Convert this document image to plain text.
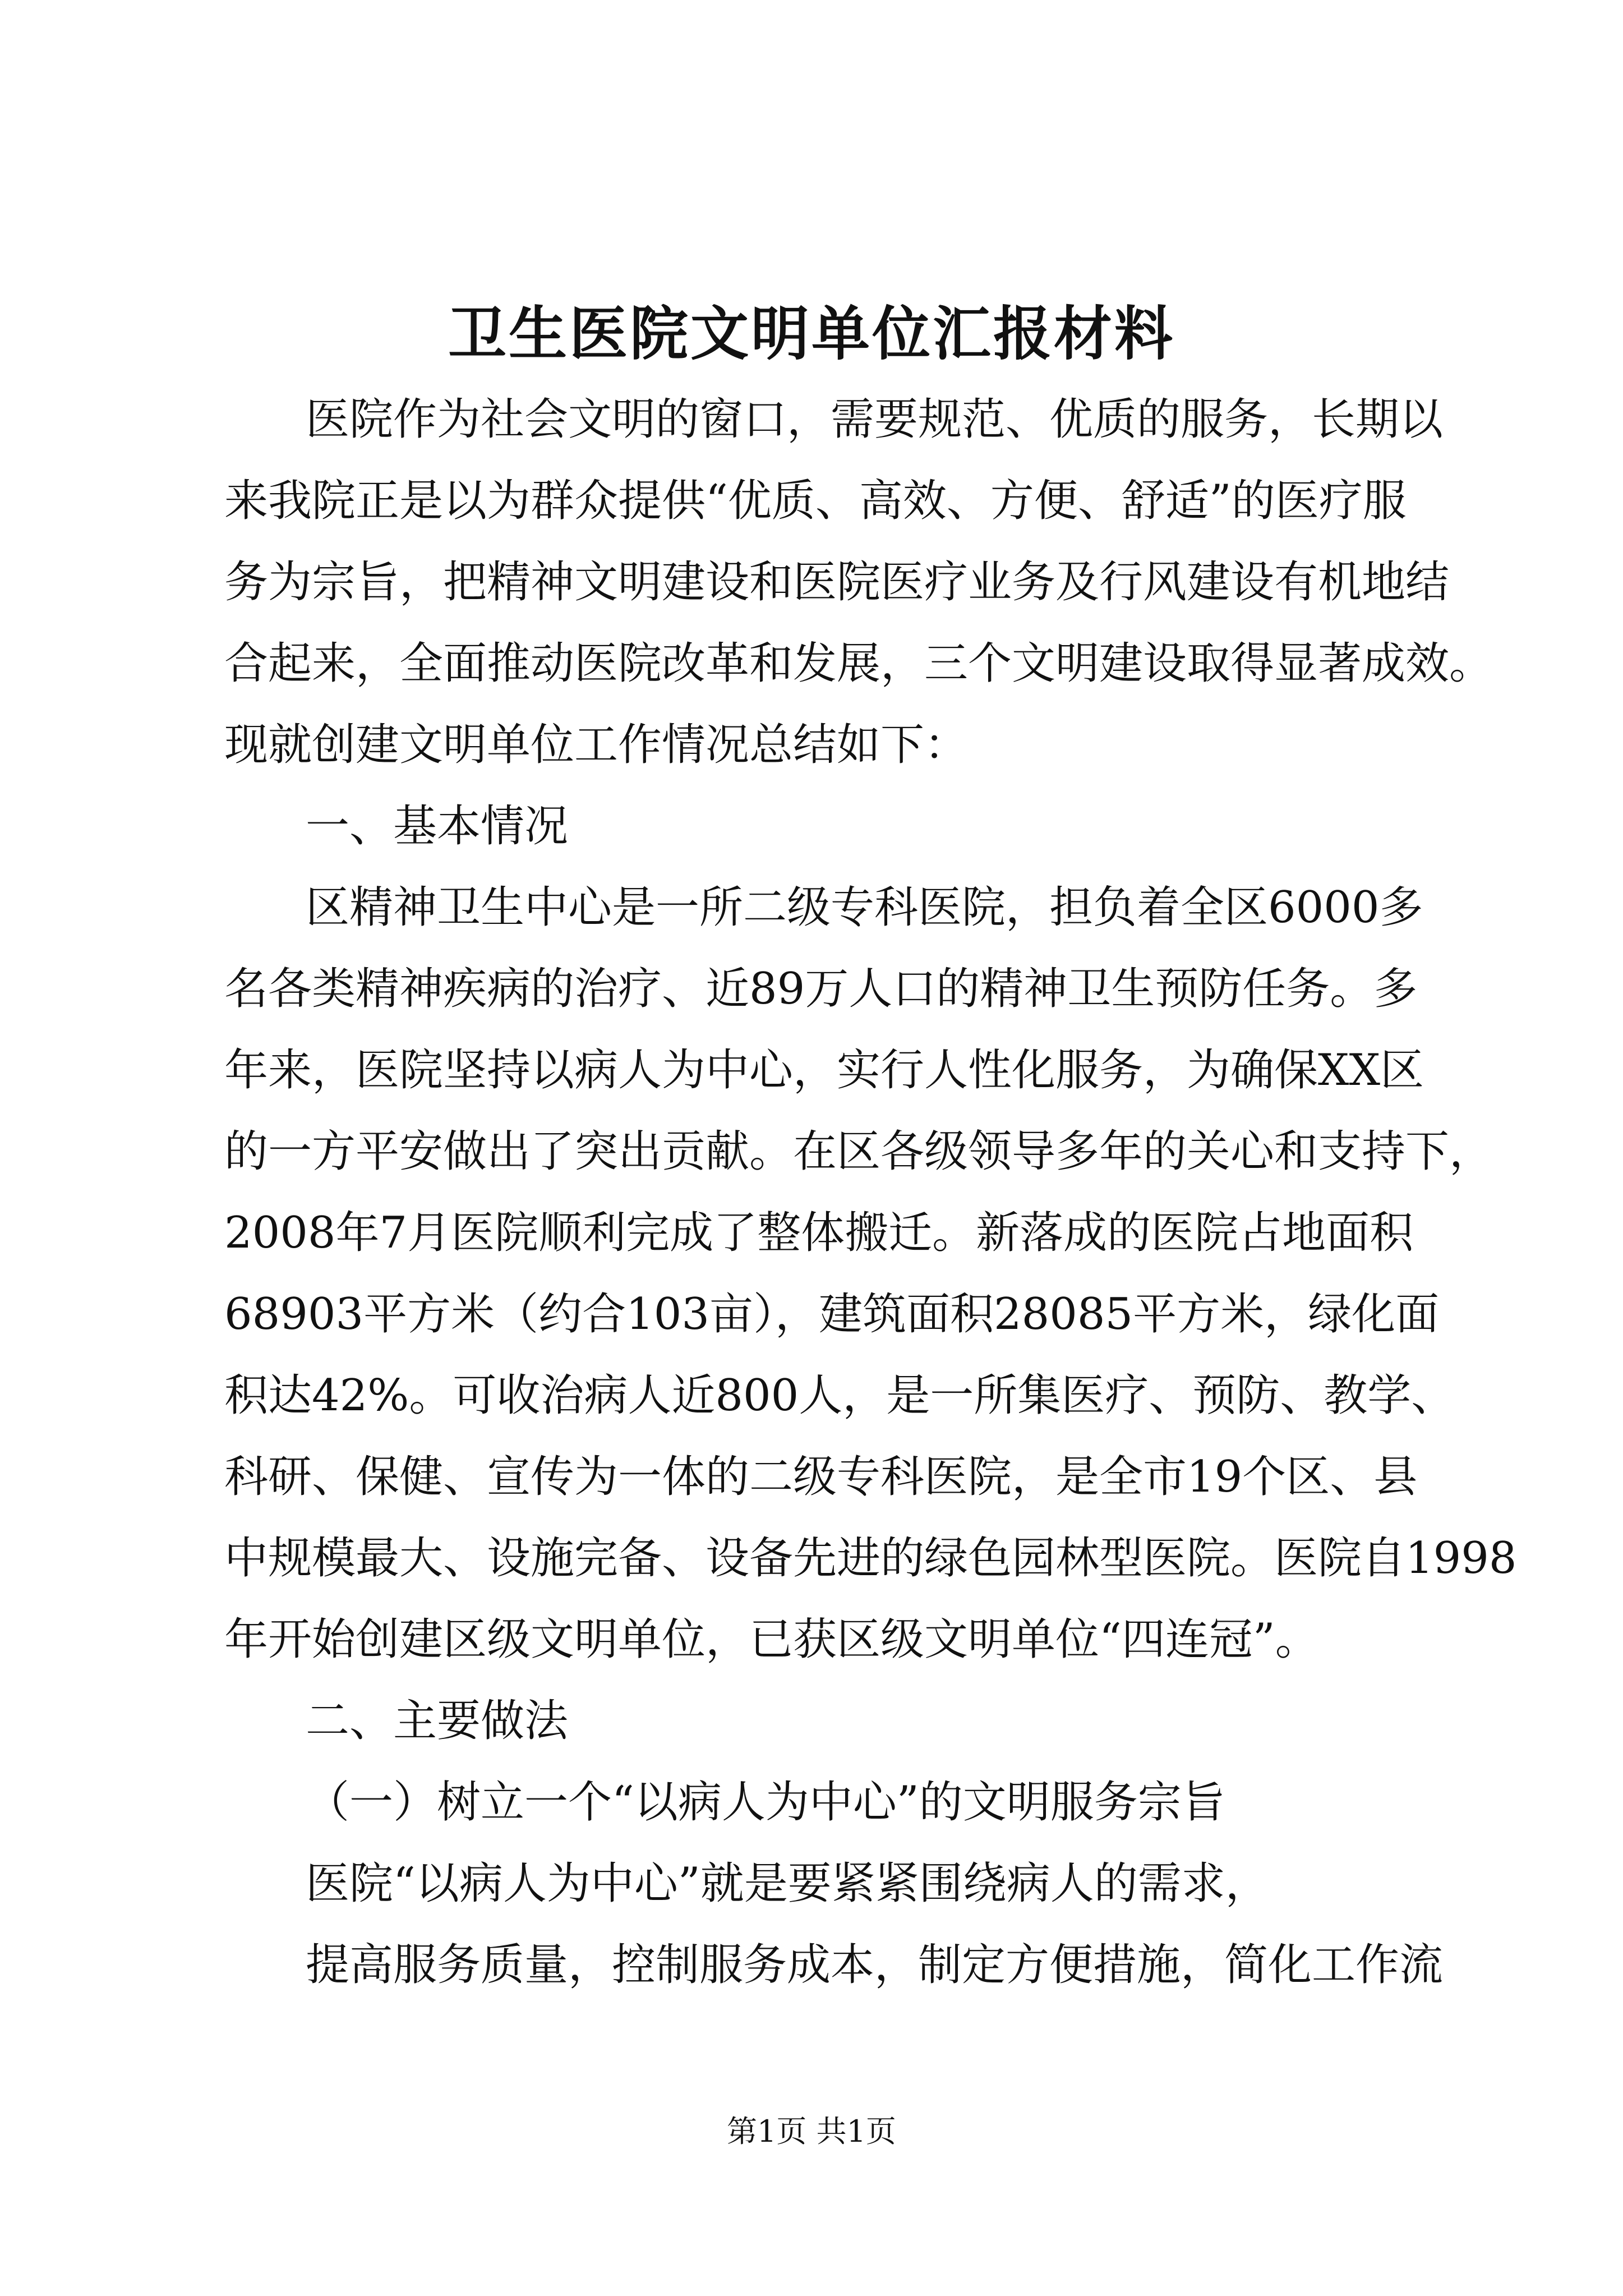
卫生医院文明单位汇报材料

医院作为社会文明的窗口，需要规范、优质的服务，长期以

来我院正是以为群众提供“优质、高效、方便、舒适”的医疗服

务为宗旨，把精神文明建设和医院医疗业务及行风建设有机地结

合起来，全面推动医院改革和发展，三个文明建设取得显著成效。

现就创建文明单位工作情况总结如下：

一、基本情况

区精神卫生中心是一所二级专科医院，担负着全区6000多

名各类精神疾病的治疗、近89万人口的精神卫生预防任务。多

年来，医院坚持以病人为中心，实行人性化服务，为确保XX区

的一方平安做出了突出贡献。在区各级领导多年的关心和支持下，

2008年7月医院顺利完成了整体搬迁。新落成的医院占地面积

68903平方米（约合103亩），建筑面积28085平方米，绿化面

积达42%。可收治病人近800人，是一所集医疗、预防、教学、

科研、保健、宣传为一体的二级专科医院，是全市19个区、县

中规模最大、设施完备、设备先进的绿色园林型医院。医院自1998

年开始创建区级文明单位，已获区级文明单位“四连冠”。

二、主要做法

（一）树立一个“以病人为中心”的文明服务宗旨

医院“以病人为中心”就是要紧紧围绕病人的需求，

提高服务质量，控制服务成本，制定方便措施，简化工作流

第1页 共1页
